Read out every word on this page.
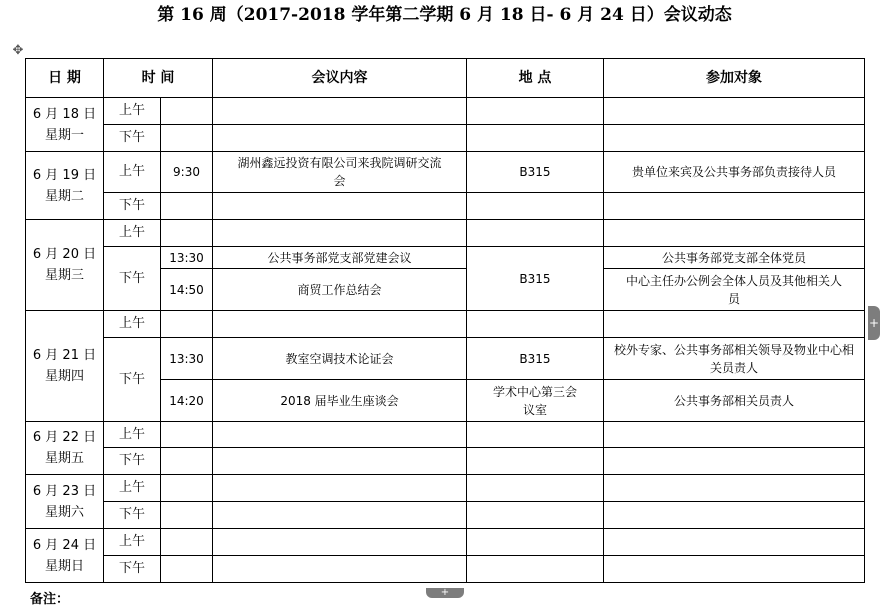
第 16 周（2017-2018 学年第二学期 6 月 18 日- 6 月 24 日）会议动态
✥
日 期	时 间		会议内容	地 点	参加对象
6 月 18 日
星期一	上午				
	下午				
6 月 19 日
星期二	上午	9:30	湖州鑫远投资有限公司来我院调研交流会	B315	贵单位来宾及公共事务部负责接待人员
	下午				
6 月 20 日
星期三	上午				
	下午	13:30	公共事务部党支部党建会议	B315	公共事务部党支部全体党员
		14:50	商贸工作总结会		中心主任办公例会全体人员及其他相关人员
6 月 21 日
星期四	上午				
	下午	13:30	教室空调技术论证会	B315	校外专家、公共事务部相关领导及物业中心相关员责人
		14:20	2018 届毕业生座谈会	学术中心第三会议室	公共事务部相关员责人
6 月 22 日
星期五	上午				
	下午				
6 月 23 日
星期六	上午				
	下午				
6 月 24 日
星期日	上午				
	下午				
备注：
+
+
